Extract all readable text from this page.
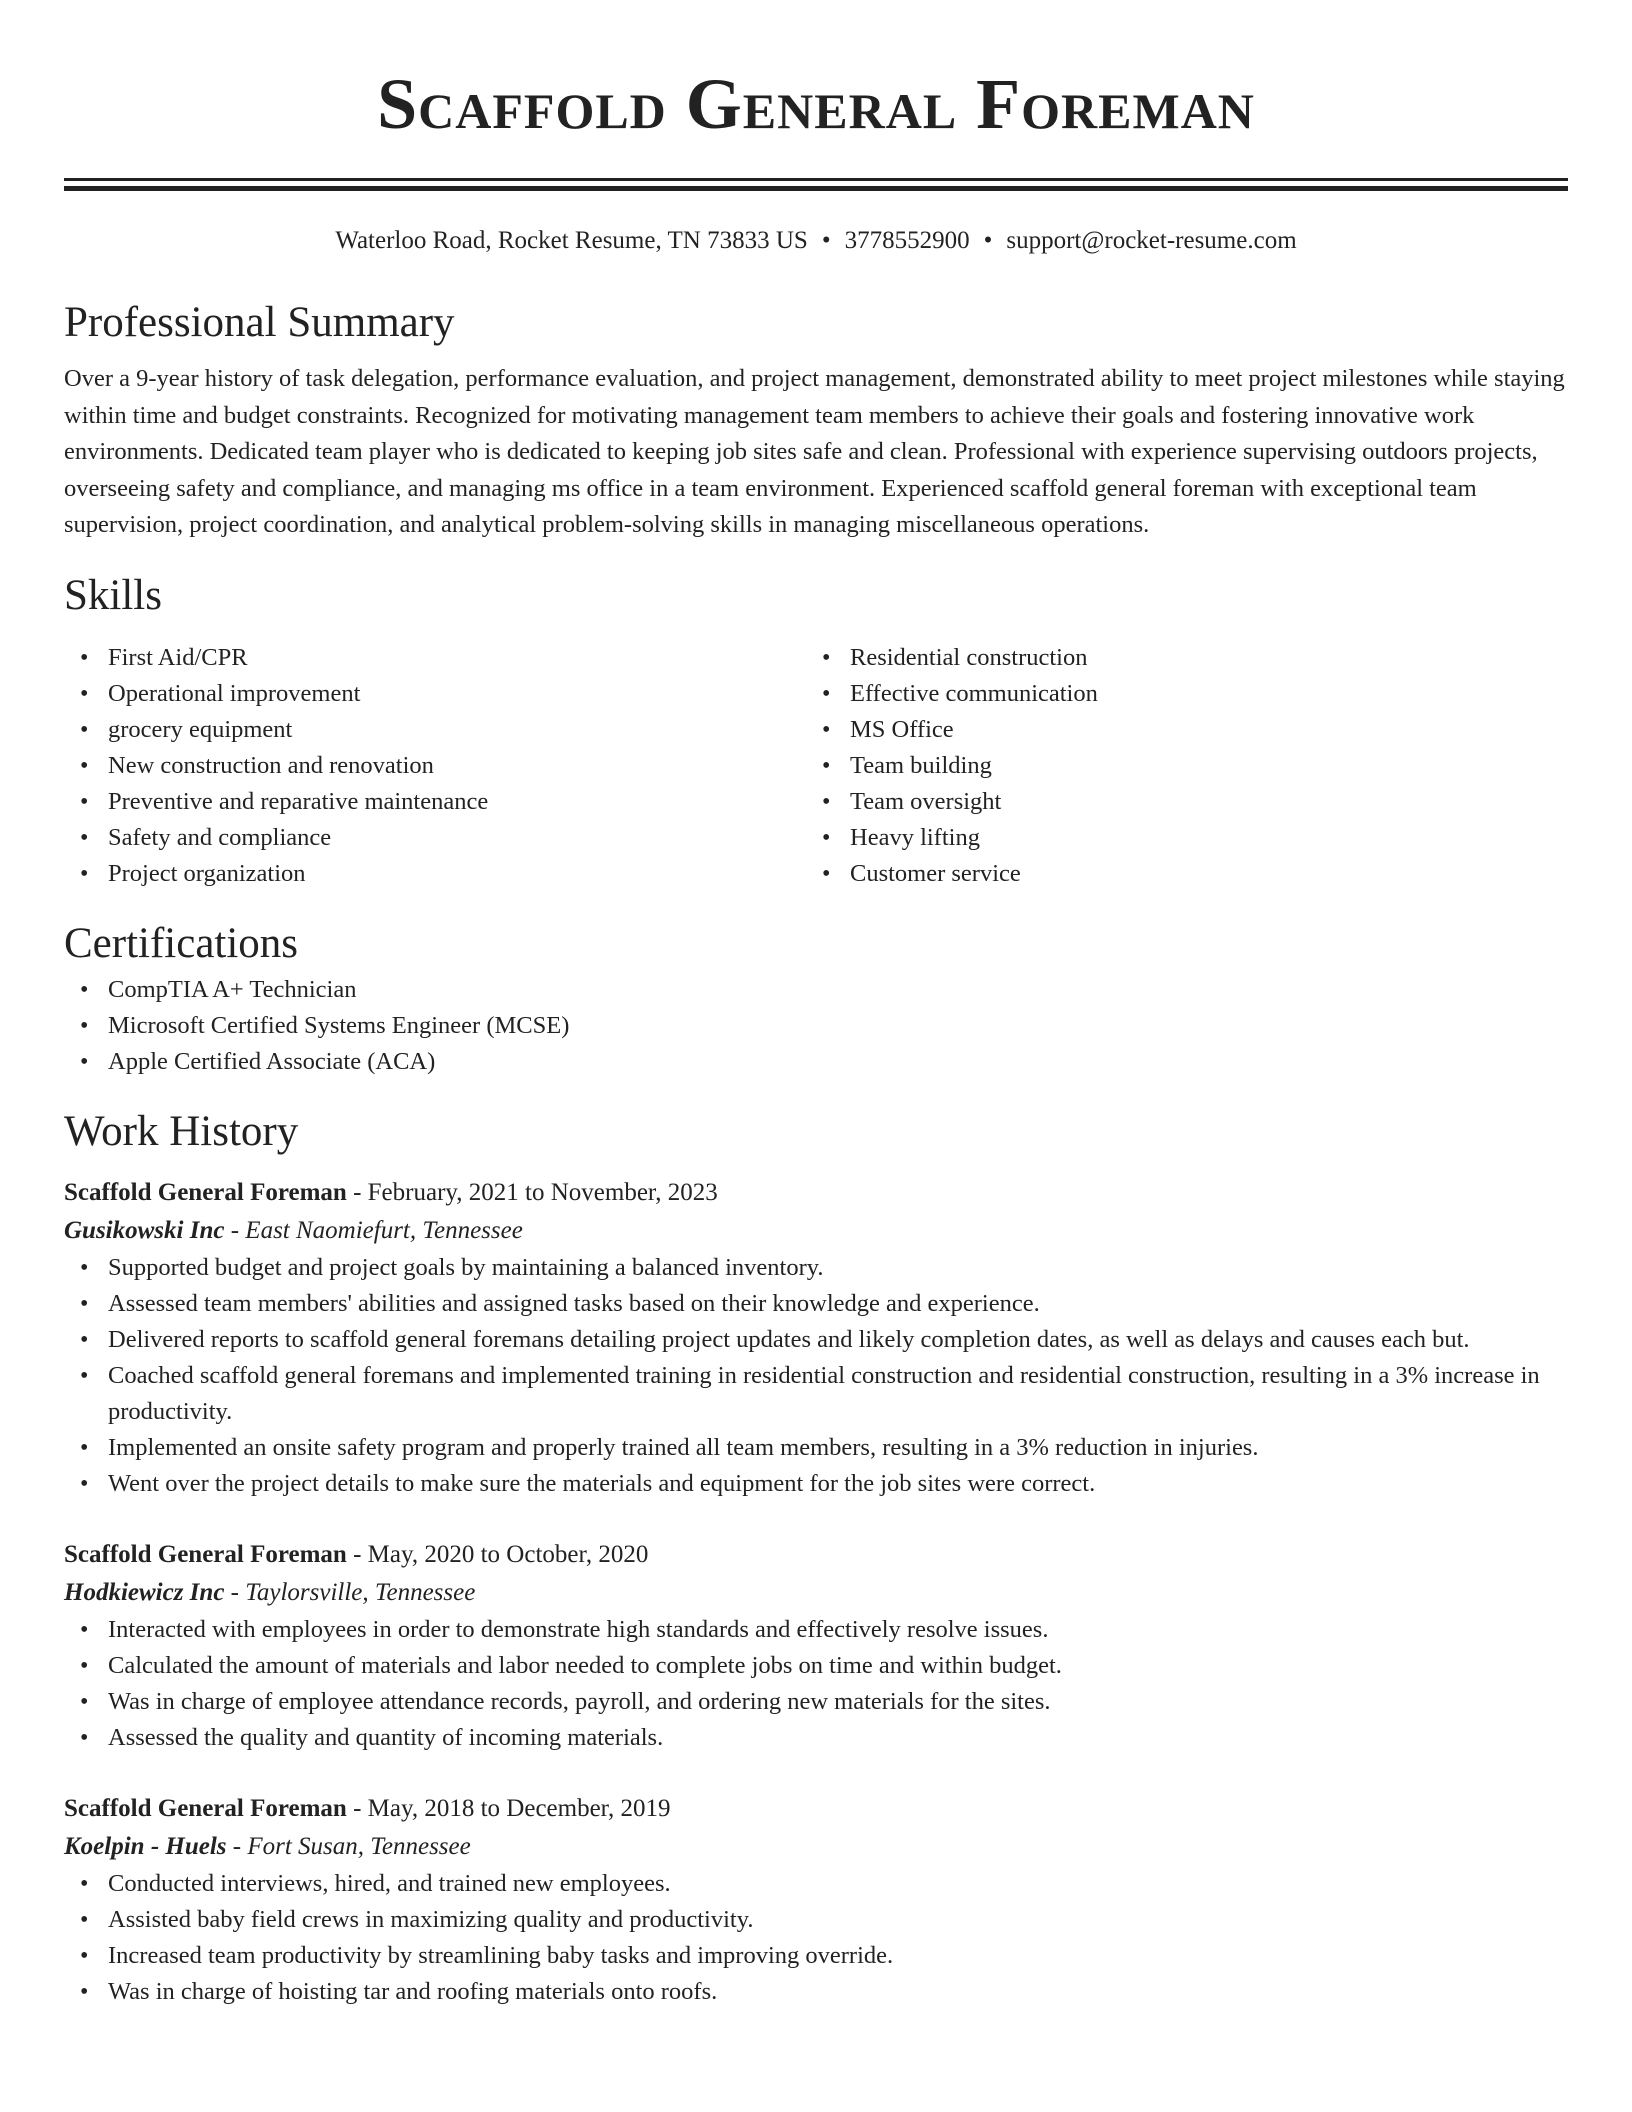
Scaffold General Foreman
Waterloo Road, Rocket Resume, TN 73833 US • 3778552900 • support@rocket-resume.com
Professional Summary

Over a 9-year history of task delegation, performance evaluation, and project management, demonstrated ability to meet project milestones while staying within time and budget constraints. Recognized for motivating management team members to achieve their goals and fostering innovative work environments. Dedicated team player who is dedicated to keeping job sites safe and clean. Professional with experience supervising outdoors projects, overseeing safety and compliance, and managing ms office in a team environment. Experienced scaffold general foreman with exceptional team supervision, project coordination, and analytical problem-solving skills in managing miscellaneous operations.

Skills
• First Aid/CPR
• Operational improvement
• grocery equipment
• New construction and renovation
• Preventive and reparative maintenance
• Safety and compliance
• Project organization
• Residential construction
• Effective communication
• MS Office
• Team building
• Team oversight
• Heavy lifting
• Customer service
Certifications
• CompTIA A+ Technician
• Microsoft Certified Systems Engineer (MCSE)
• Apple Certified Associate (ACA)
Work History
Scaffold General Foreman - February, 2021 to November, 2023
Gusikowski Inc - East Naomiefurt, Tennessee
• Supported budget and project goals by maintaining a balanced inventory.
• Assessed team members' abilities and assigned tasks based on their knowledge and experience.
• Delivered reports to scaffold general foremans detailing project updates and likely completion dates, as well as delays and causes each but.
• Coached scaffold general foremans and implemented training in residential construction and residential construction, resulting in a 3% increase in productivity.
• Implemented an onsite safety program and properly trained all team members, resulting in a 3% reduction in injuries.
• Went over the project details to make sure the materials and equipment for the job sites were correct.
Scaffold General Foreman - May, 2020 to October, 2020
Hodkiewicz Inc - Taylorsville, Tennessee
• Interacted with employees in order to demonstrate high standards and effectively resolve issues.
• Calculated the amount of materials and labor needed to complete jobs on time and within budget.
• Was in charge of employee attendance records, payroll, and ordering new materials for the sites.
• Assessed the quality and quantity of incoming materials.
Scaffold General Foreman - May, 2018 to December, 2019
Koelpin - Huels - Fort Susan, Tennessee
• Conducted interviews, hired, and trained new employees.
• Assisted baby field crews in maximizing quality and productivity.
• Increased team productivity by streamlining baby tasks and improving override.
• Was in charge of hoisting tar and roofing materials onto roofs.
